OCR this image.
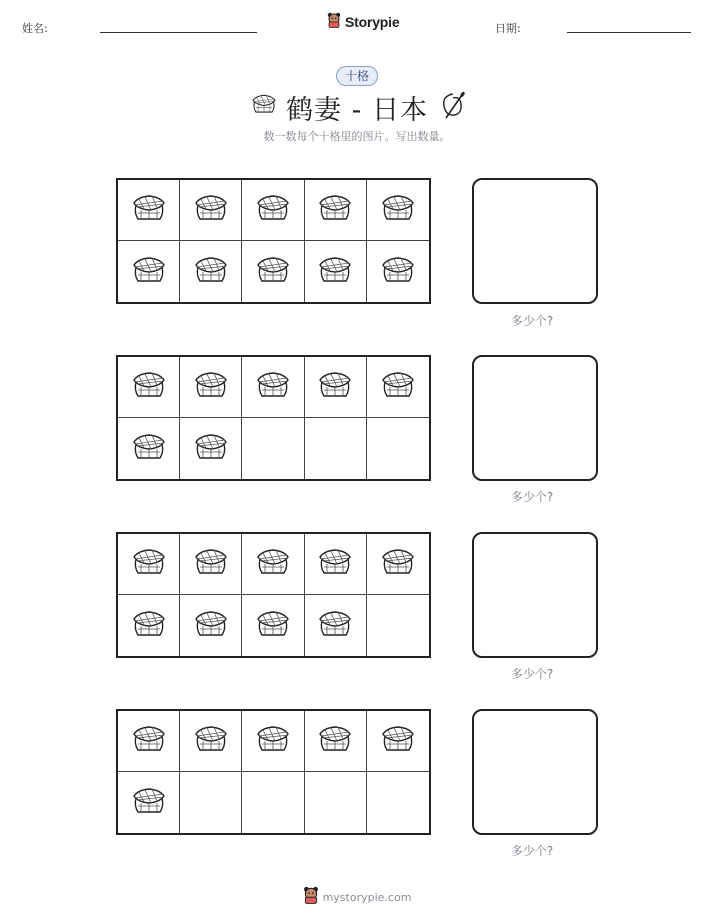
姓名:	Storypie	日期:
十格
鹤妻 - 日本
数一数每个十格里的图片。写出数量。
多少个?
多少个?
多少个?
多少个?
mystorypie.com
